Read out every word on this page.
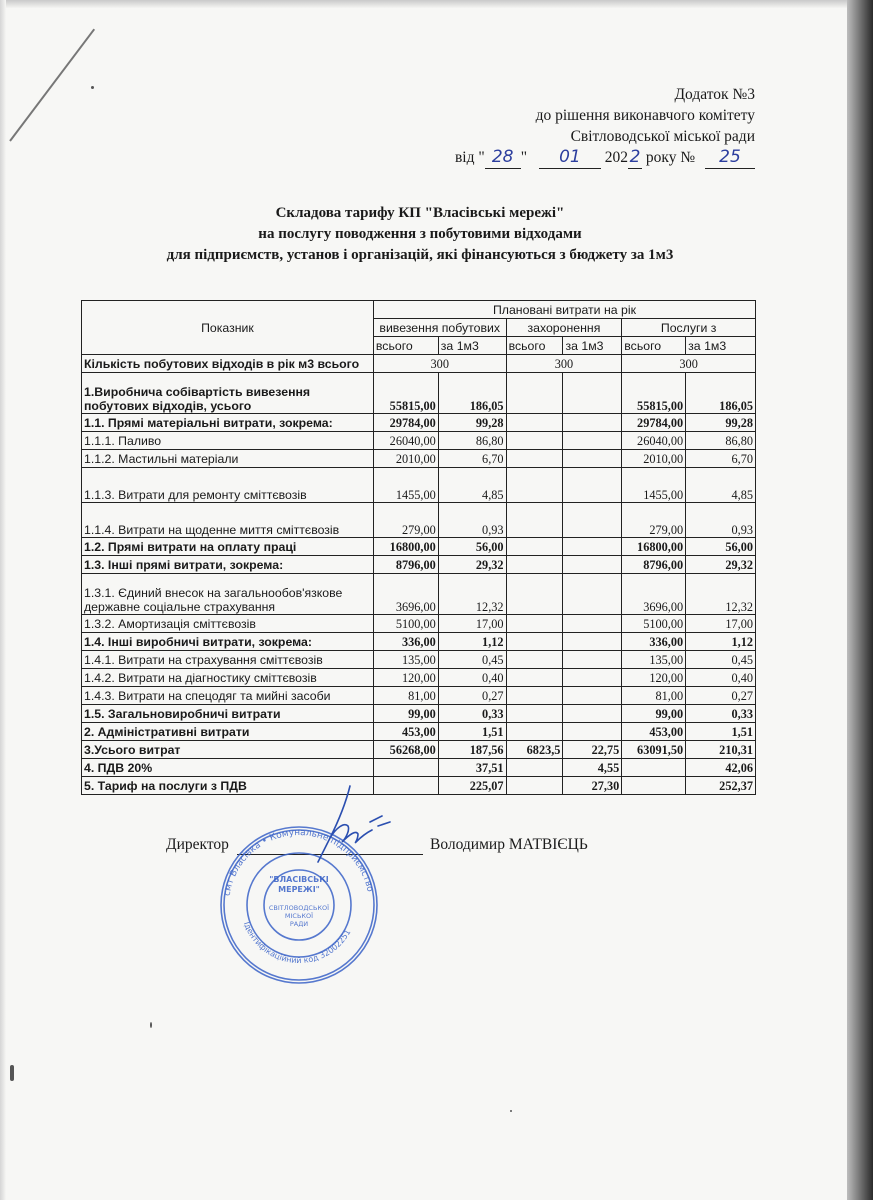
Додаток №3
до рішення виконавчого комітету
Світловодської міської ради
від " 28 " 01 2022 року № 25
Складова тарифу КП "Власівські мережі"
на послугу поводження з побутовими відходами
для підприємств, установ і організацій, які фінансуються з бюджету за 1м3
Показник	Плановані витрати на рік					
	вивезення побутових		захоронення		Послуги з	
	всього	за 1м3	всього	за 1м3	всього	за 1м3
Кількість побутових відходів в рік м3 всього	300		300		300	
1.Виробнича собівартість вивезення побутових відходів, усього	55815,00	186,05			55815,00	186,05
1.1. Прямі матеріальні витрати, зокрема:	29784,00	99,28			29784,00	99,28
1.1.1. Паливо	26040,00	86,80			26040,00	86,80
1.1.2. Мастильні матеріали	2010,00	6,70			2010,00	6,70
1.1.3. Витрати для ремонту сміттєвозів	1455,00	4,85			1455,00	4,85
1.1.4. Витрати на щоденне миття сміттєвозів	279,00	0,93			279,00	0,93
1.2. Прямі витрати на оплату праці	16800,00	56,00			16800,00	56,00
1.3. Інші прямі витрати, зокрема:	8796,00	29,32			8796,00	29,32
1.3.1. Єдиний внесок на загальнообов'язкове державне соціальне страхування	3696,00	12,32			3696,00	12,32
1.3.2. Амортизація сміттєвозів	5100,00	17,00			5100,00	17,00
1.4. Інші виробничі витрати, зокрема:	336,00	1,12			336,00	1,12
1.4.1. Витрати на страхування сміттєвозів	135,00	0,45			135,00	0,45
1.4.2. Витрати на діагностику сміттєвозів	120,00	0,40			120,00	0,40
1.4.3. Витрати на спецодяг та мийні засоби	81,00	0,27			81,00	0,27
1.5. Загальновиробничі витрати	99,00	0,33			99,00	0,33
2. Адміністративні витрати	453,00	1,51			453,00	1,51
3.Усього витрат	56268,00	187,56	6823,5	22,75	63091,50	210,31
4. ПДВ 20%		37,51		4,55		42,06
5. Тариф на послуги з ПДВ		225,07		27,30		252,37
Директор	Володимир МАТВІЄЦЬ
смт Власівка • Комунальне підприємство
Ідентифікаційний код 32002251
"ВЛАСІВСЬКІ
МЕРЕЖІ"
СВІТЛОВОДСЬКОЇ
МІСЬКОЇ
РАДИ
